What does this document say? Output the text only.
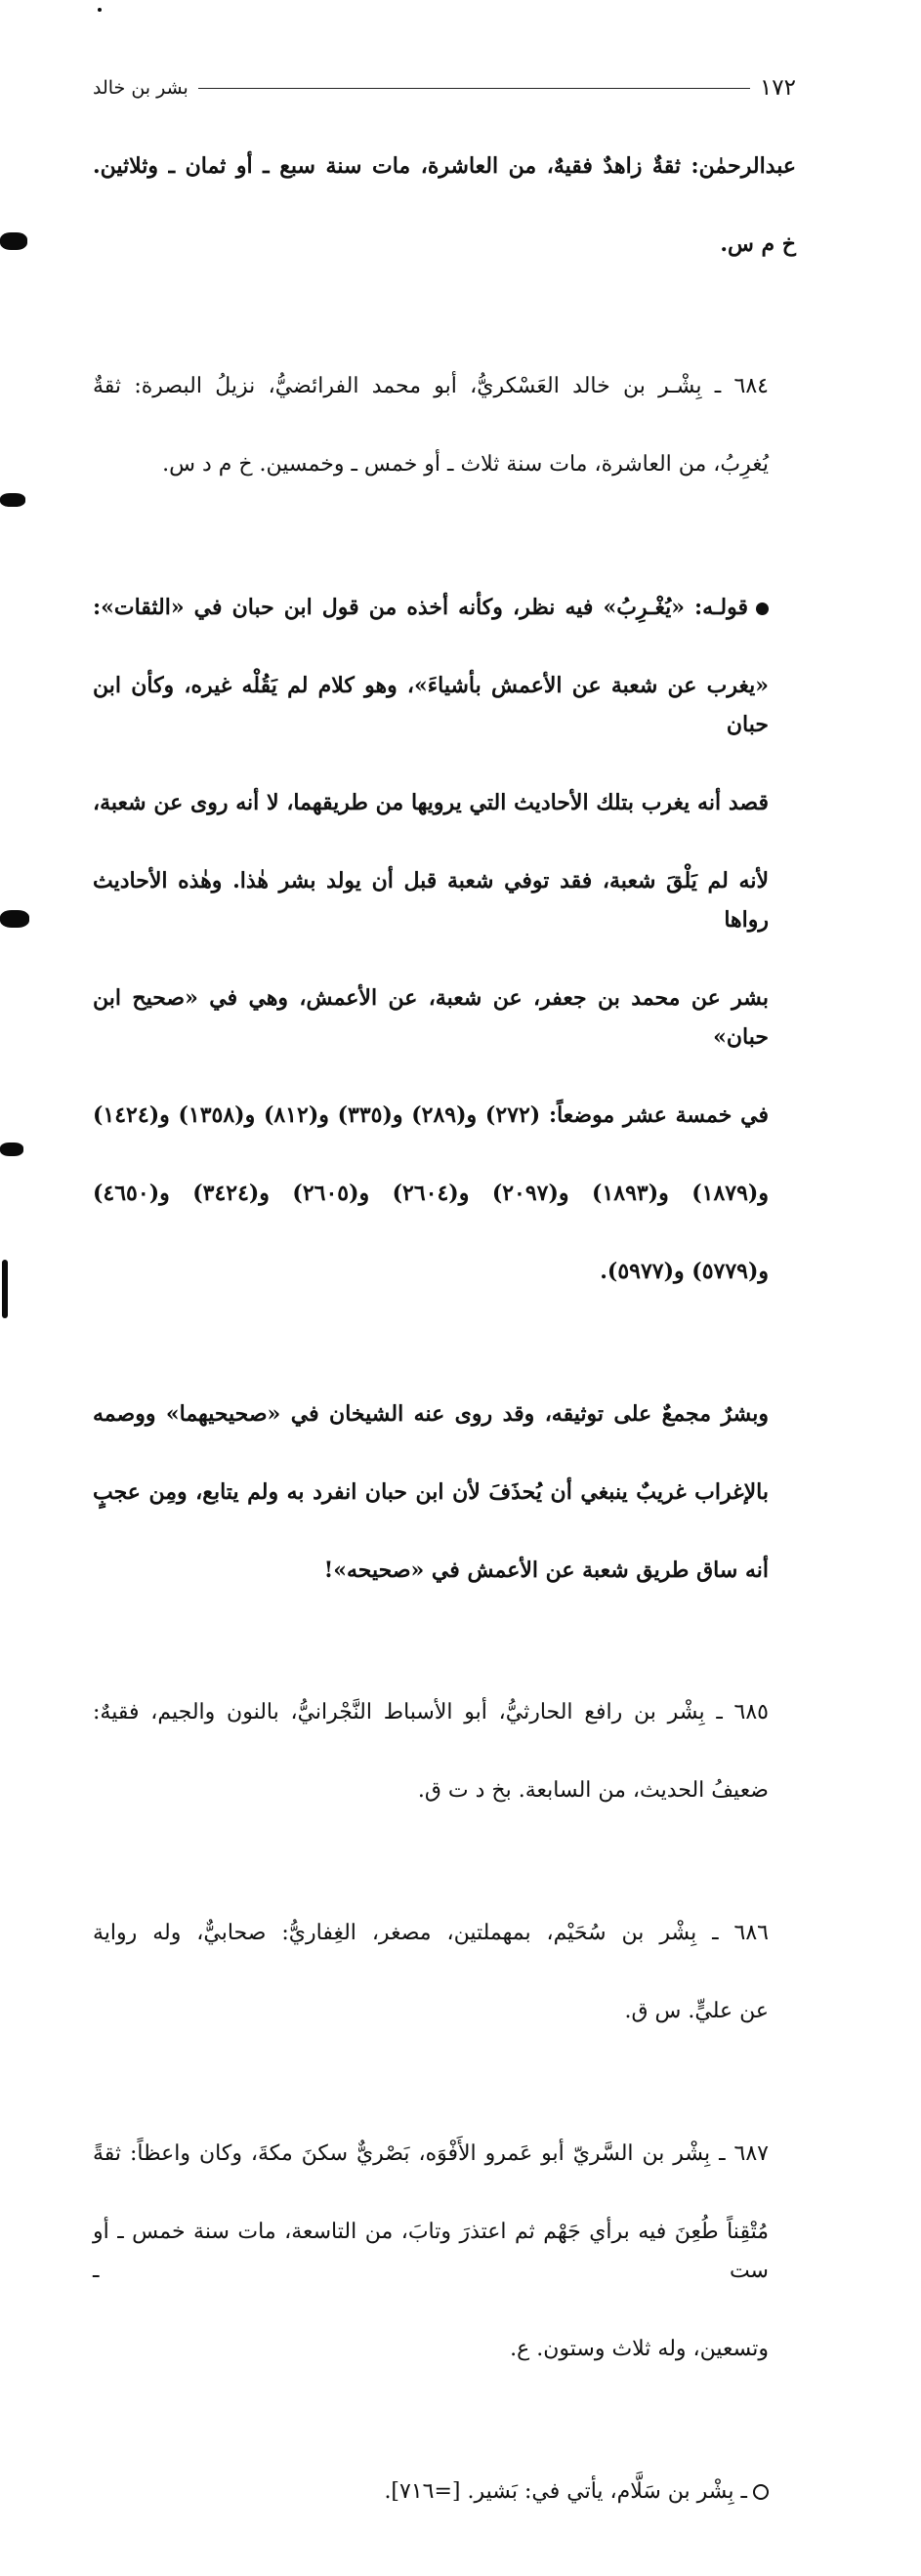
١٧٢
بشر بن خالد

عبدالرحمٰن: ثقةٌ زاهدٌ فقيهٌ، من العاشرة، مات سنة سبع ـ أو ثمان ـ وثلاثين.

خ م س.

٦٨٤ ـ بِشْـر بن خالد العَسْكريُّ، أبو محمد الفرائضيُّ، نزيلُ البصرة: ثقةٌ

يُغرِبُ، من العاشرة، مات سنة ثلاث ـ أو خمس ـ وخمسين. خ م د س.

قولـه: «يُغْـرِبُ» فيه نظر، وكأنه أخذه من قول ابن حبان في «الثقات»:

«يغرب عن شعبة عن الأعمش بأشياءَ»، وهو كلام لم يَقُلْه غيره، وكأن ابن حبان

قصد أنه يغرب بتلك الأحاديث التي يرويها من طريقهما، لا أنه روى عن شعبة،

لأنه لم يَلْقَ شعبة، فقد توفي شعبة قبل أن يولد بشر هٰذا. وهٰذه الأحاديث رواها

بشر عن محمد بن جعفر، عن شعبة، عن الأعمش، وهي في «صحيح ابن حبان»

في خمسة عشر موضعاً: (٢٧٢) و(٢٨٩) و(٣٣٥) و(٨١٢) و(١٣٥٨) و(١٤٢٤)

و(١٨٧٩) و(١٨٩٣) و(٢٠٩٧) و(٢٦٠٤) و(٢٦٠٥) و(٣٤٢٤) و(٤٦٥٠)

و(٥٧٧٩) و(٥٩٧٧).

وبشرٌ مجمعٌ على توثيقه، وقد روى عنه الشيخان في «صحيحيهما» ووصمه

بالإغراب غريبٌ ينبغي أن يُحذَفَ لأن ابن حبان انفرد به ولم يتابع، ومِن عجبٍ

أنه ساق طريق شعبة عن الأعمش في «صحيحه»!

٦٨٥ ـ بِشْر بن رافع الحارثيُّ، أبو الأسباط النَّجْرانيُّ، بالنون والجيم، فقيهٌ:

ضعيفُ الحديث، من السابعة. بخ د ت ق.

٦٨٦ ـ بِشْر بن سُحَيْم، بمهملتين، مصغر، الغِفاريُّ: صحابيٌّ، وله رواية

عن عليٍّ. س ق.

٦٨٧ ـ بِشْر بن السَّريّ أبو عَمرو الأَفْوَه، بَصْريٌّ سكنَ مكةَ، وكان واعظاً: ثقةً

مُتْقِناً طُعِنَ فيه برأي جَهْم ثم اعتذرَ وتابَ، من التاسعة، مات سنة خمس ـ أو ست ـ

وتسعين، وله ثلاث وستون. ع.

ـ بِشْر بن سَلَّام، يأتي في: بَشير. [=٧١٦].
